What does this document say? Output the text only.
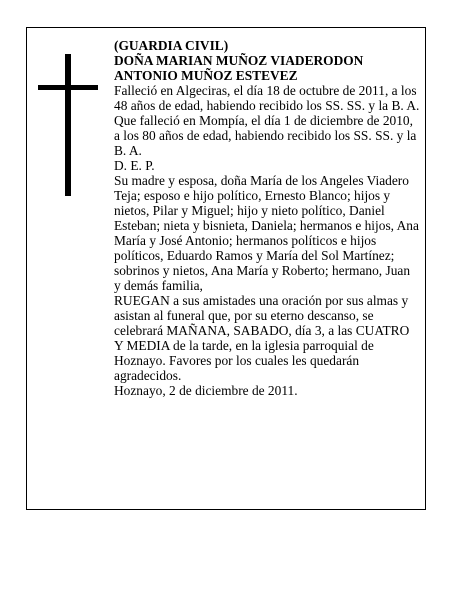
(GUARDIA CIVIL)

DOÑA MARIAN MUÑOZ VIADERODON

ANTONIO MUÑOZ ESTEVEZ

Falleció en Algeciras, el día 18 de octubre de 2011, a los 48 años de edad, habiendo recibido los SS. SS. y la B. A.

Que falleció en Mompía, el día 1 de diciembre de 2010, a los 80 años de edad, habiendo recibido los SS. SS. y la B. A.

D. E. P.

Su madre y esposa, doña María de los Angeles Viadero Teja; esposo e hijo político, Ernesto Blanco; hijos y nietos, Pilar y Miguel; hijo y nieto político, Daniel Esteban; nieta y bisnieta, Daniela; hermanos e hijos, Ana María y José Antonio; hermanos políticos e hijos políticos, Eduardo Ramos y María del Sol Martínez; sobrinos y nietos, Ana María y Roberto; hermano, Juan y demás familia,

RUEGAN a sus amistades una oración por sus almas y asistan al funeral que, por su eterno descanso, se celebrará MAÑANA, SABADO, día 3, a las CUATRO Y MEDIA de la tarde, en la iglesia parroquial de Hoznayo. Favores por los cuales les quedarán agradecidos.

Hoznayo, 2 de diciembre de 2011.
